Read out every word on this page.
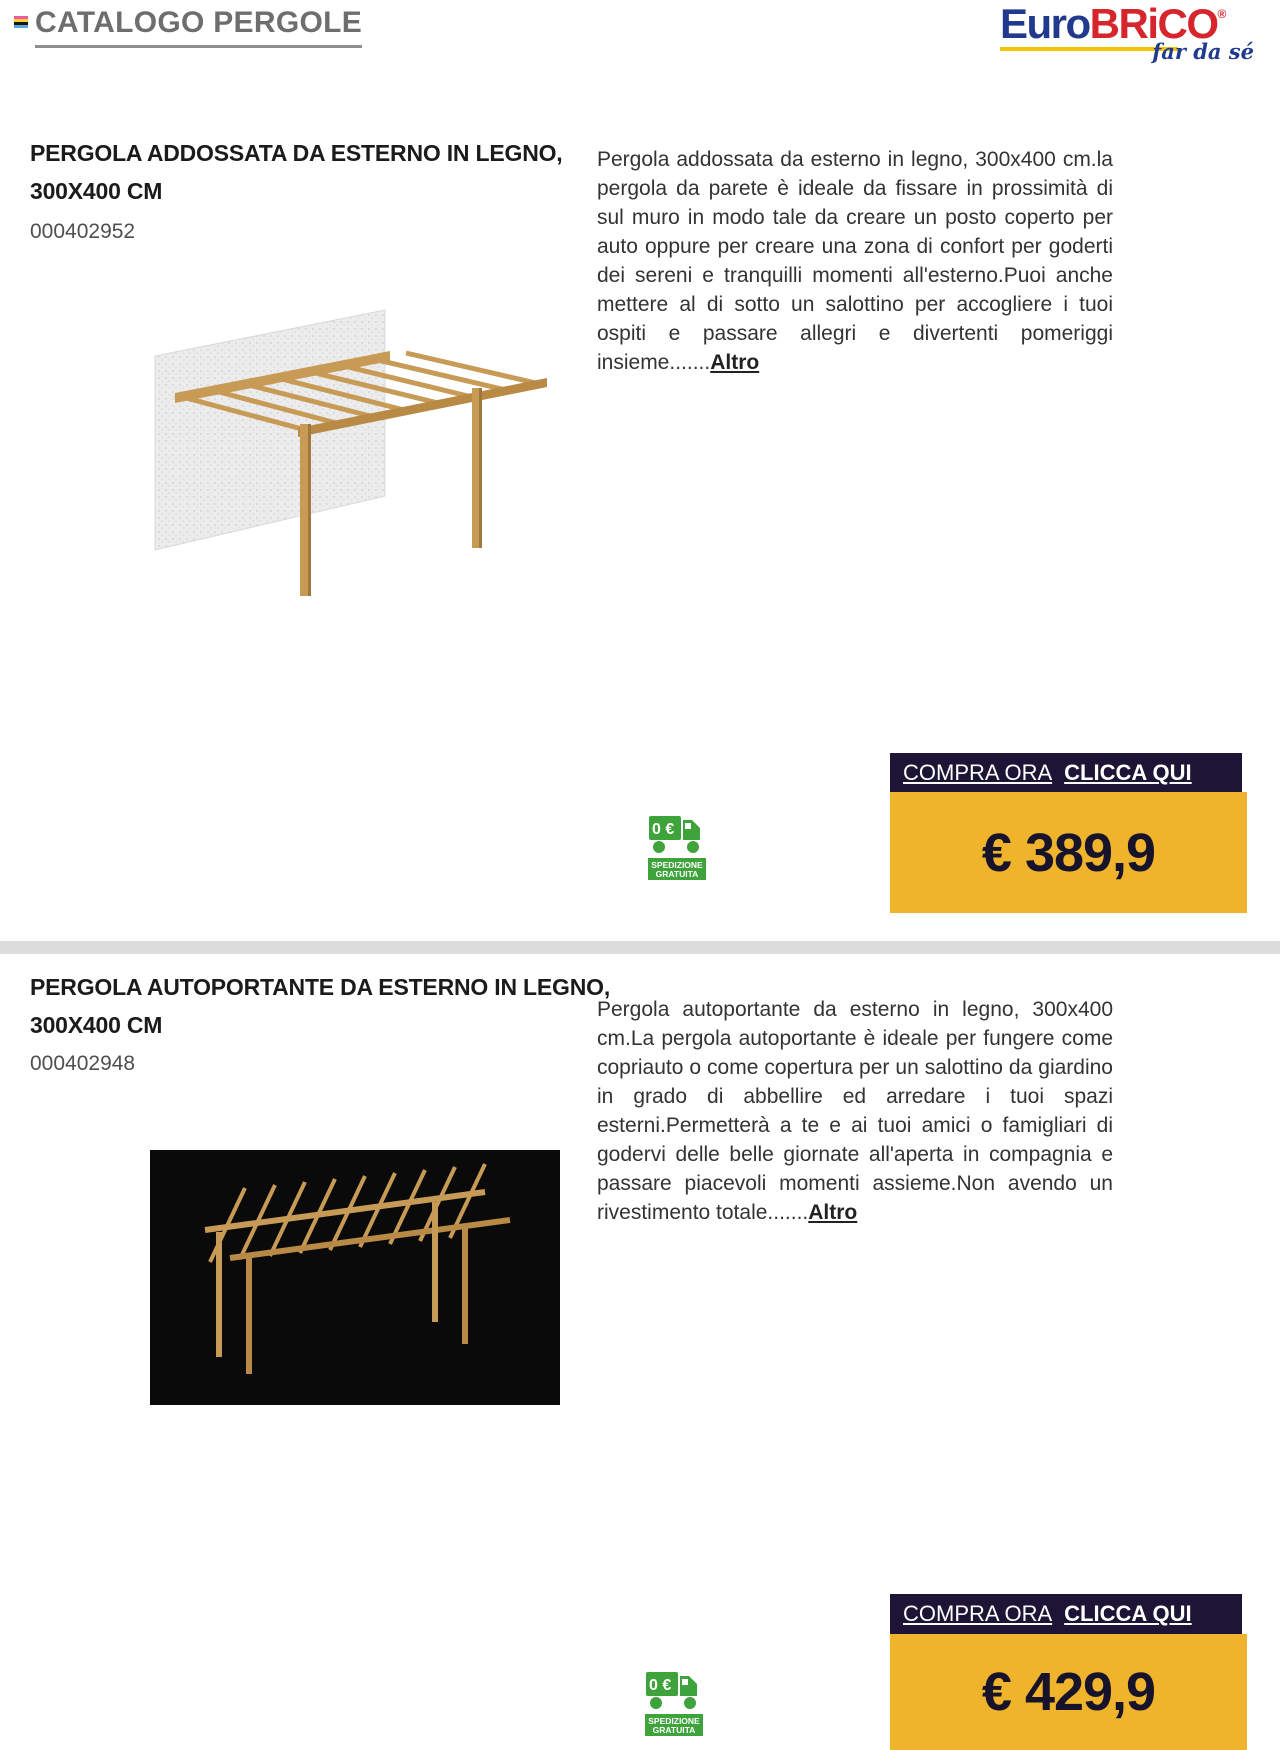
CATALOGO PERGOLE	EuroBRiCO®
far da sé
PERGOLA ADDOSSATA DA ESTERNO IN LEGNO,
300X400 CM
000402952
Pergola addossata da esterno in legno, 300x400 cm.la pergola da parete è ideale da fissare in prossimità di sul muro in modo tale da creare un posto coperto per auto oppure per creare una zona di confort per goderti dei sereni e tranquilli momenti all'esterno.Puoi anche mettere al di sotto un salottino per accogliere i tuoi ospiti e passare allegri e divertenti pomeriggi insieme.......Altro
COMPRA ORA CLICCA QUI
€ 389,9
0 €
SPEDIZIONE
GRATUITA
PERGOLA AUTOPORTANTE DA ESTERNO IN LEGNO,
300X400 CM
000402948
Pergola autoportante da esterno in legno, 300x400 cm.La pergola autoportante è ideale per fungere come copriauto o come copertura per un salottino da giardino in grado di abbellire ed arredare i tuoi spazi esterni.Permetterà a te e ai tuoi amici o famigliari di godervi delle belle giornate all'aperta in compagnia e passare piacevoli momenti assieme.Non avendo un rivestimento totale.......Altro
COMPRA ORA CLICCA QUI
€ 429,9
0 €
SPEDIZIONE
GRATUITA
